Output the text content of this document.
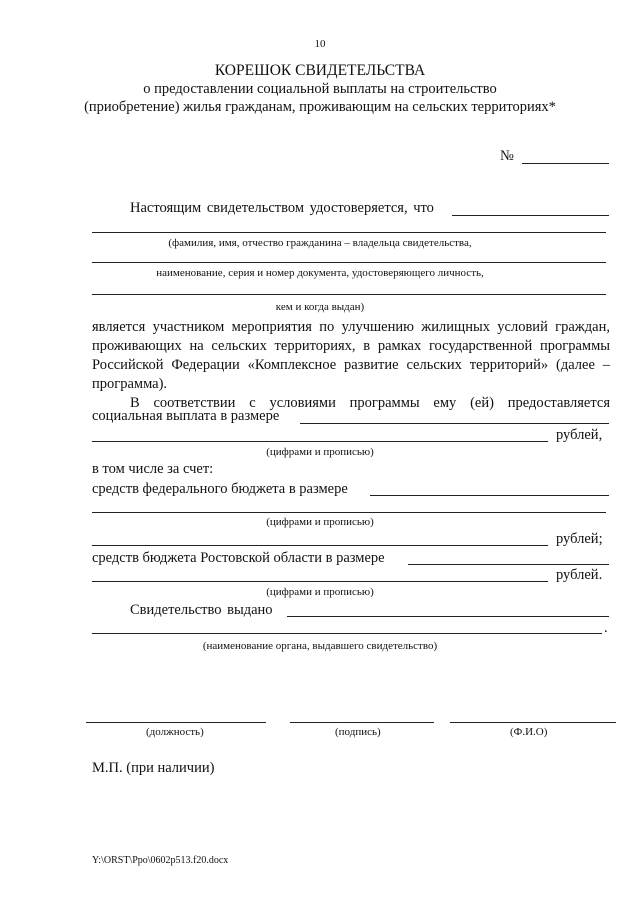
10
КОРЕШОК СВИДЕТЕЛЬСТВА
о предоставлении социальной выплаты на строительство
(приобретение) жилья гражданам, проживающим на сельских территориях*
№
Настоящим свидетельством удостоверяется, что
(фамилия, имя, отчество гражданина – владельца свидетельства,
наименование, серия и номер документа, удостоверяющего личность,
кем и когда выдан)
является участником мероприятия по улучшению жилищных условий граждан,
проживающих на сельских территориях, в рамках государственной программы
Российской Федерации «Комплексное развитие сельских территорий» (далее –
программа).
В соответствии с условиями программы ему (ей) предоставляется
социальная выплата в размере
рублей,
(цифрами и прописью)
в том числе за счет:
средств федерального бюджета в размере
(цифрами и прописью)
рублей;
средств бюджета Ростовской области в размере
рублей.
(цифрами и прописью)
Свидетельство выдано
.
(наименование органа, выдавшего свидетельство)
(должность)	(подпись)	(Ф.И.О)
М.П. (при наличии)
Y:\ORST\Ppo\0602p513.f20.docx
